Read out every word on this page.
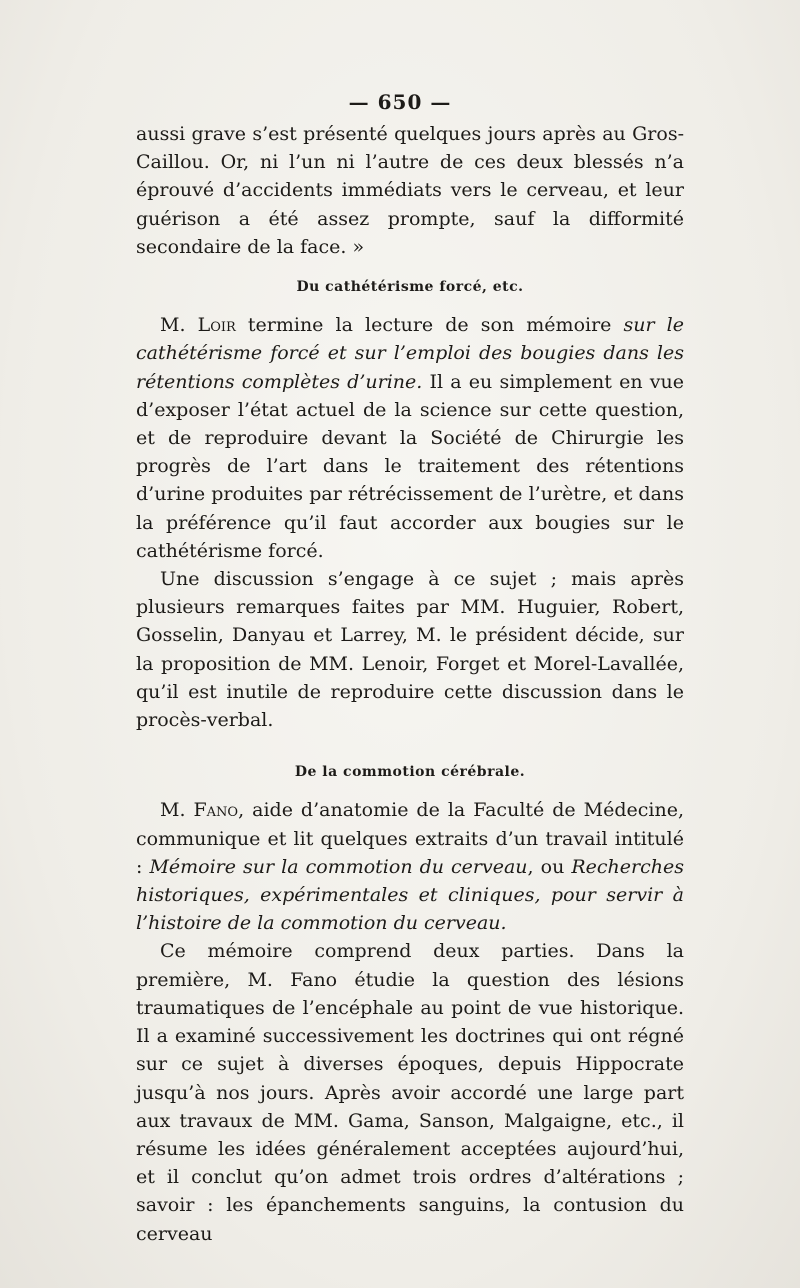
— 650 —

aussi grave s’est présenté quelques jours après au Gros-Caillou. Or, ni l’un ni l’autre de ces deux blessés n’a éprouvé d’accidents immédiats vers le cerveau, et leur guérison a été assez prompte, sauf la difformité secondaire de la face. »

Du cathétérisme forcé, etc.

M. Loir termine la lecture de son mémoire sur le cathétérisme forcé et sur l’emploi des bougies dans les rétentions complètes d’urine. Il a eu simplement en vue d’exposer l’état actuel de la science sur cette question, et de reproduire devant la Société de Chirurgie les progrès de l’art dans le traitement des rétentions d’urine produites par rétrécissement de l’urètre, et dans la préférence qu’il faut accorder aux bougies sur le cathétérisme forcé.

Une discussion s’engage à ce sujet ; mais après plusieurs remarques faites par MM. Huguier, Robert, Gosselin, Danyau et Larrey, M. le président décide, sur la proposition de MM. Lenoir, Forget et Morel-Lavallée, qu’il est inutile de reproduire cette discussion dans le procès-verbal.

De la commotion cérébrale.

M. Fano, aide d’anatomie de la Faculté de Médecine, communique et lit quelques extraits d’un travail intitulé : Mémoire sur la commotion du cerveau, ou Recherches historiques, expérimentales et cliniques, pour servir à l’histoire de la commotion du cerveau.

Ce mémoire comprend deux parties. Dans la première, M. Fano étudie la question des lésions traumatiques de l’encéphale au point de vue historique. Il a examiné successivement les doctrines qui ont régné sur ce sujet à diverses époques, depuis Hippocrate jusqu’à nos jours. Après avoir accordé une large part aux travaux de MM. Gama, Sanson, Malgaigne, etc., il résume les idées généralement acceptées aujourd’hui, et il conclut qu’on admet trois ordres d’altérations ; savoir : les épanchements sanguins, la contusion du cerveau
